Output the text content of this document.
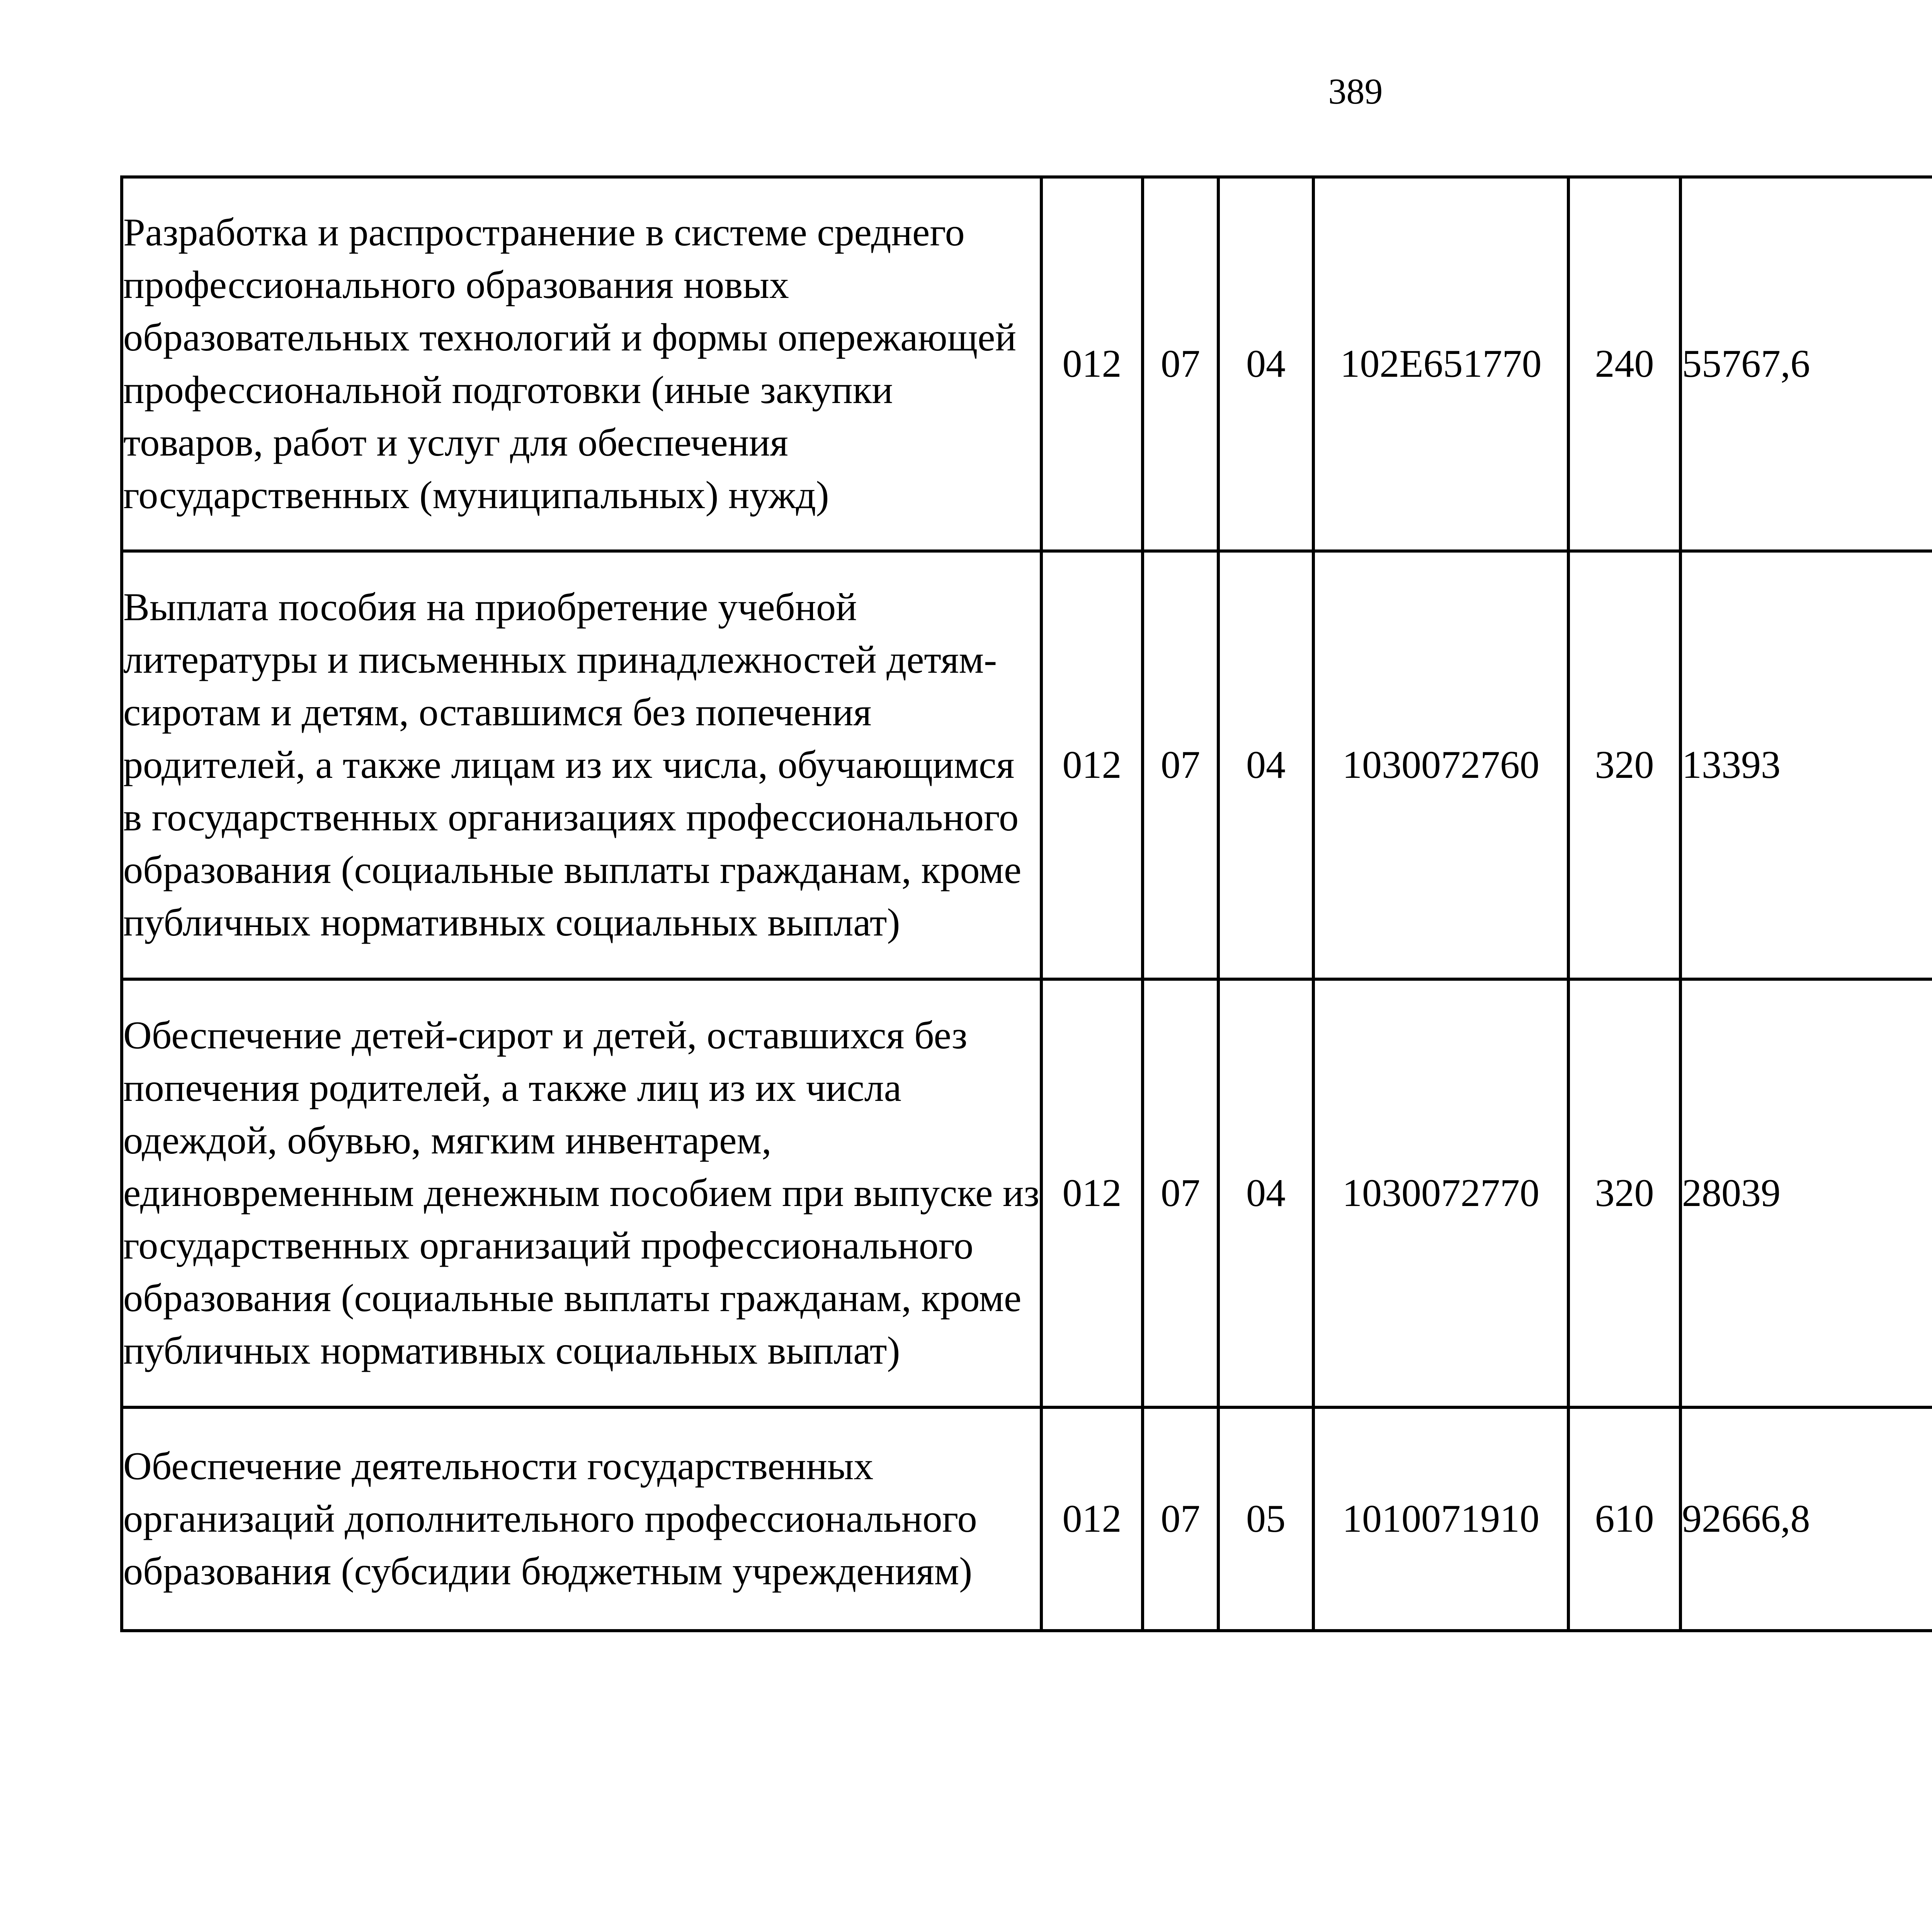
389
Разработка и распространение в системе среднего профессионального образования новых образовательных технологий и формы опережающей профессиональной подготовки (иные закупки товаров, работ и услуг для обеспечения государственных (муниципальных) нужд)	012	07	04	102Е651770	240	55767,6		
Выплата пособия на приобретение учебной литературы и письменных принадлежностей детям-сиротам и детям, оставшимся без попечения родителей, а также лицам из их числа, обучающимся в государственных организациях профессионального образования (социальные выплаты гражданам, кроме публичных нормативных социальных выплат)	012	07	04	1030072760	320	13393		
Обеспечение детей-сирот и детей, оставшихся без попечения родителей, а также лиц из их числа одеждой, обувью, мягким инвентарем, единовременным денежным пособием при выпуске из государственных организаций профессионального образования (социальные выплаты гражданам, кроме публичных нормативных социальных выплат)	012	07	04	1030072770	320	28039		
Обеспечение деятельности государственных организаций дополнительного профессионального образования (субсидии бюджетным учреждениям)	012	07	05	1010071910	610	92666,8		
